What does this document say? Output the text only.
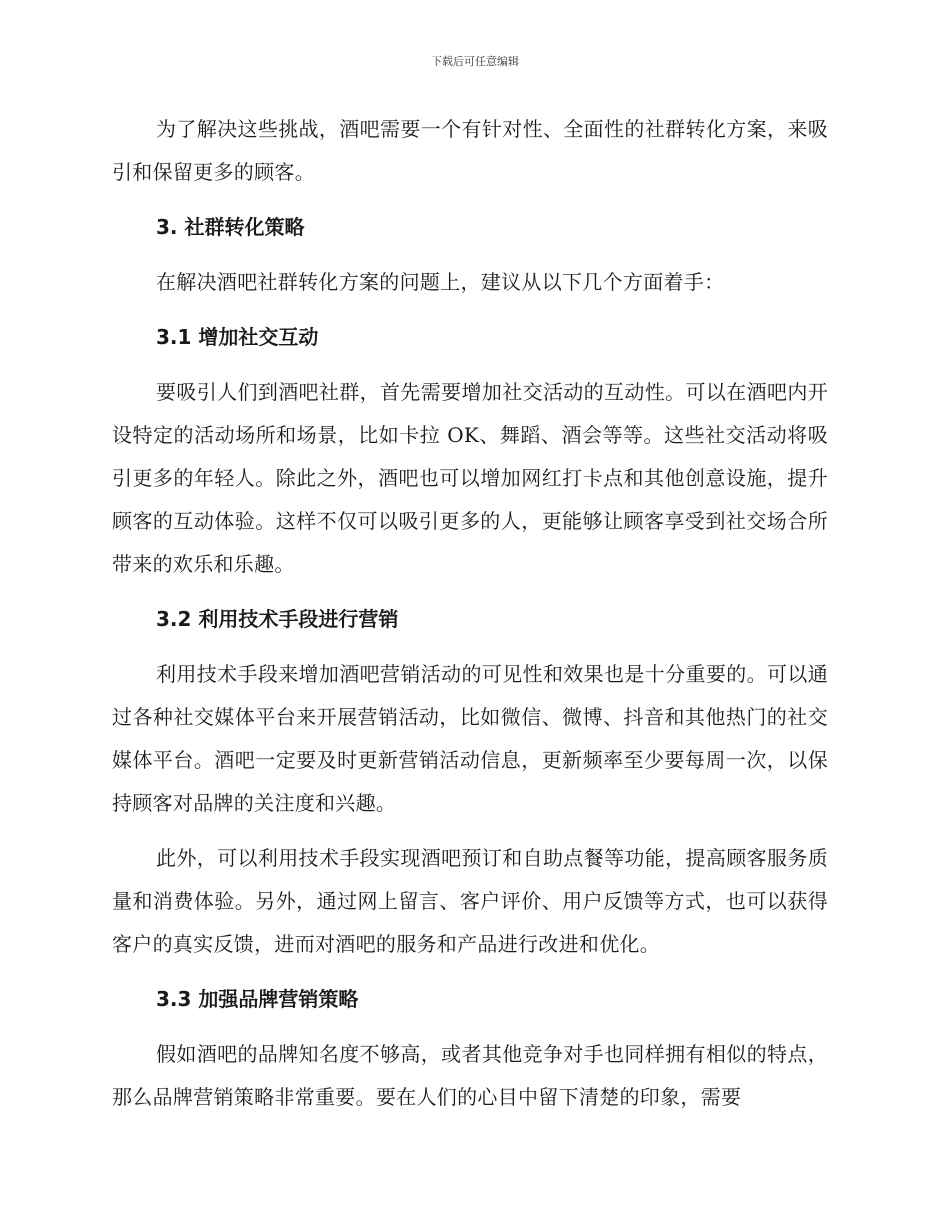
下载后可任意编辑

为了解决这些挑战，酒吧需要一个有针对性、全面性的社群转化方案，来吸引和保留更多的顾客。

3. 社群转化策略

在解决酒吧社群转化方案的问题上，建议从以下几个方面着手：

3.1 增加社交互动

要吸引人们到酒吧社群，首先需要增加社交活动的互动性。可以在酒吧内开设特定的活动场所和场景，比如卡拉 OK、舞蹈、酒会等等。这些社交活动将吸引更多的年轻人。除此之外，酒吧也可以增加网红打卡点和其他创意设施，提升顾客的互动体验。这样不仅可以吸引更多的人，更能够让顾客享受到社交场合所带来的欢乐和乐趣。

3.2 利用技术手段进行营销

利用技术手段来增加酒吧营销活动的可见性和效果也是十分重要的。可以通过各种社交媒体平台来开展营销活动，比如微信、微博、抖音和其他热门的社交媒体平台。酒吧一定要及时更新营销活动信息，更新频率至少要每周一次，以保持顾客对品牌的关注度和兴趣。

此外，可以利用技术手段实现酒吧预订和自助点餐等功能，提高顾客服务质量和消费体验。另外，通过网上留言、客户评价、用户反馈等方式，也可以获得客户的真实反馈，进而对酒吧的服务和产品进行改进和优化。

3.3 加强品牌营销策略

假如酒吧的品牌知名度不够高，或者其他竞争对手也同样拥有相似的特点，那么品牌营销策略非常重要。要在人们的心目中留下清楚的印象，需要
